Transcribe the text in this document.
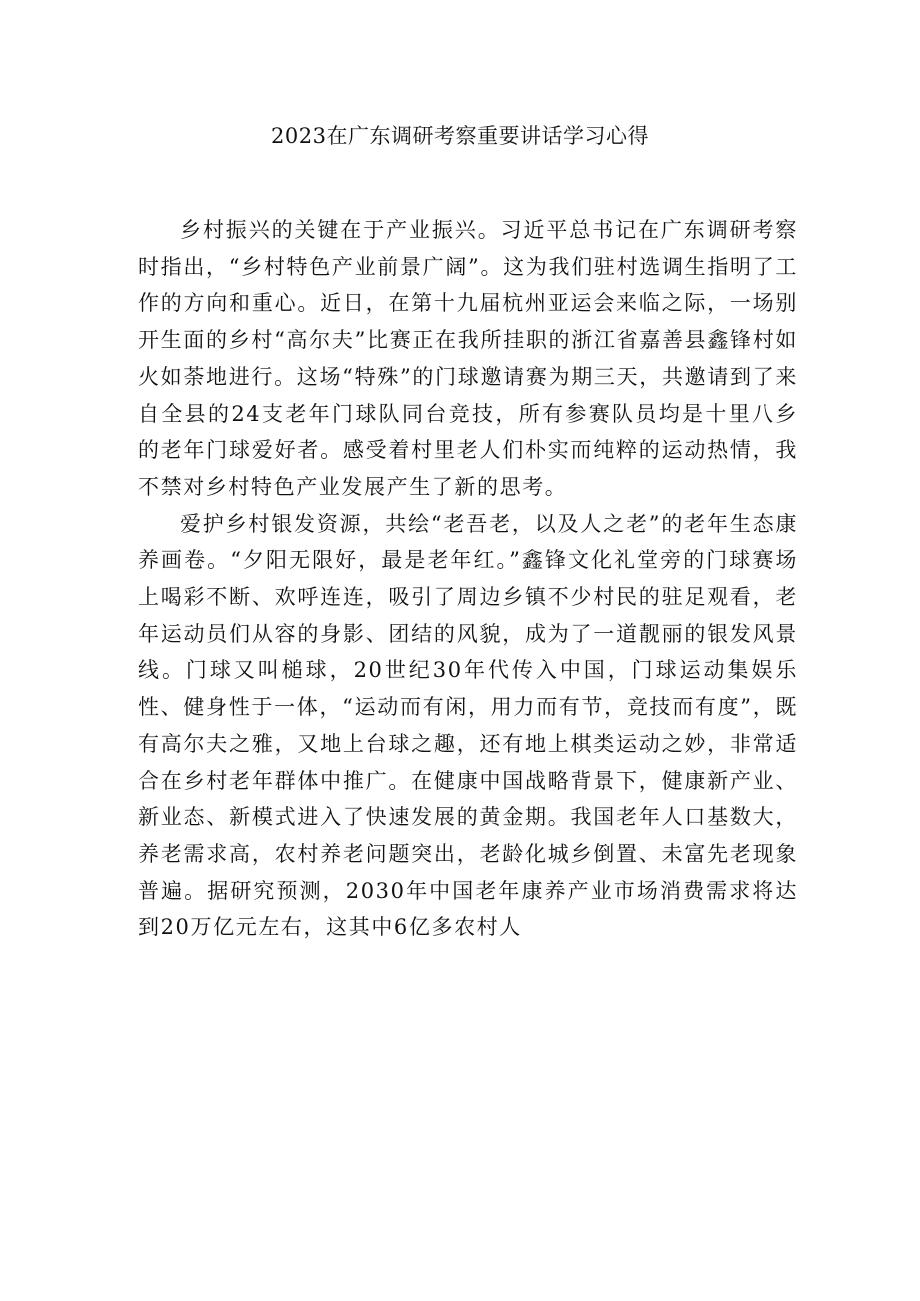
2023在广东调研考察重要讲话学习心得

乡村振兴的关键在于产业振兴。习近平总书记在广东调研考察时指出，“乡村特色产业前景广阔”。这为我们驻村选调生指明了工作的方向和重心。近日，在第十九届杭州亚运会来临之际，一场别开生面的乡村“高尔夫”比赛正在我所挂职的浙江省嘉善县鑫锋村如火如荼地进行。这场“特殊”的门球邀请赛为期三天，共邀请到了来自全县的24支老年门球队同台竞技，所有参赛队员均是十里八乡的老年门球爱好者。感受着村里老人们朴实而纯粹的运动热情，我不禁对乡村特色产业发展产生了新的思考。

爱护乡村银发资源，共绘“老吾老，以及人之老”的老年生态康养画卷。“夕阳无限好，最是老年红。”鑫锋文化礼堂旁的门球赛场上喝彩不断、欢呼连连，吸引了周边乡镇不少村民的驻足观看，老年运动员们从容的身影、团结的风貌，成为了一道靓丽的银发风景线。门球又叫槌球，20世纪30年代传入中国，门球运动集娱乐性、健身性于一体，“运动而有闲，用力而有节，竞技而有度”，既有高尔夫之雅，又地上台球之趣，还有地上棋类运动之妙，非常适合在乡村老年群体中推广。在健康中国战略背景下，健康新产业、新业态、新模式进入了快速发展的黄金期。我国老年人口基数大，养老需求高，农村养老问题突出，老龄化城乡倒置、未富先老现象普遍。据研究预测，2030年中国老年康养产业市场消费需求将达到20万亿元左右，这其中6亿多农村人
